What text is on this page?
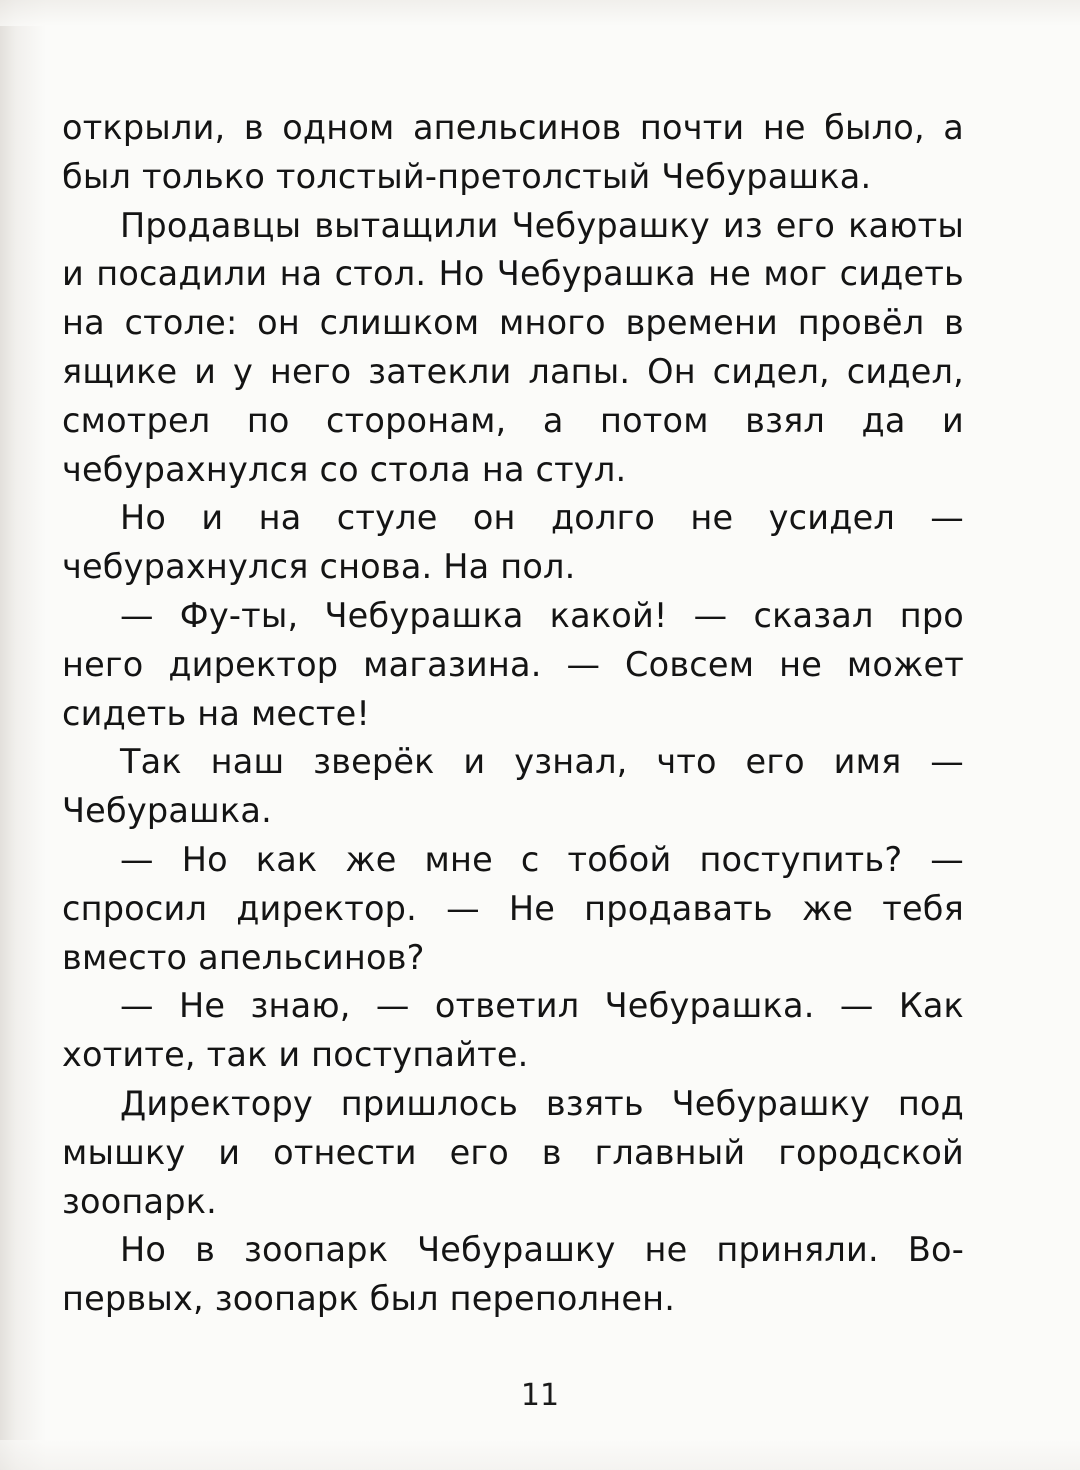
открыли, в одном апельсинов почти не было, а был только толстый-претолстый Чебурашка.

Продавцы вытащили Чебурашку из его каюты и посадили на стол. Но Чебурашка не мог сидеть на столе: он слишком много времени провёл в ящике и у него затекли лапы. Он сидел, сидел, смотрел по сторонам, а потом взял да и чебурахнулся со стола на стул.

Но и на стуле он долго не усидел — чебурахнулся снова. На пол.

— Фу-ты, Чебурашка какой! — сказал про него директор магазина. — Совсем не может сидеть на месте!

Так наш зверёк и узнал, что его имя — Чебурашка.

— Но как же мне с тобой поступить? — спросил директор. — Не продавать же тебя вместо апельсинов?

— Не знаю, — ответил Чебурашка. — Как хотите, так и поступайте.

Директору пришлось взять Чебурашку под мышку и отнести его в главный городской зоопарк.

Но в зоопарк Чебурашку не приняли. Во-первых, зоопарк был переполнен.

11
